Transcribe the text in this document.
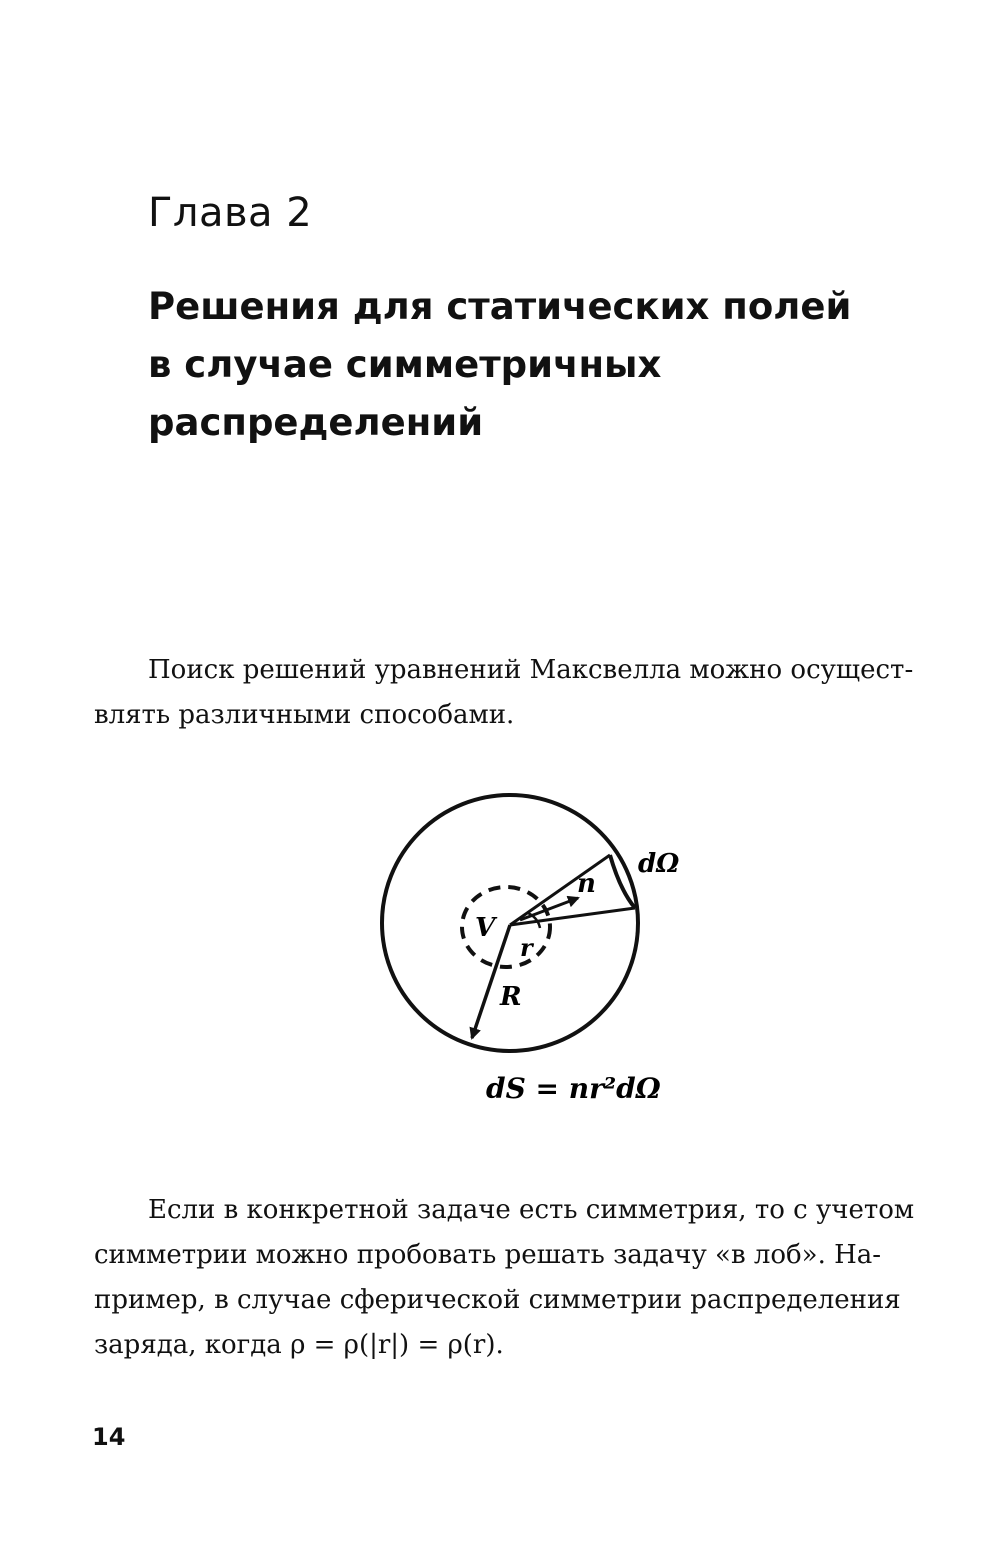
Глава 2
Решения для статических полей
в случае симметричных
распределений

Поиск решений уравнений Максвелла можно осущест-
влять различными способами.

dΩ
n
V
r
R
dS = nr²dΩ

Если в конкретной задаче есть симметрия, то с учетом
симметрии можно пробовать решать задачу «в лоб». На-
пример, в случае сферической симметрии распределения
заряда, когда ρ = ρ(|r|) = ρ(r).

14
